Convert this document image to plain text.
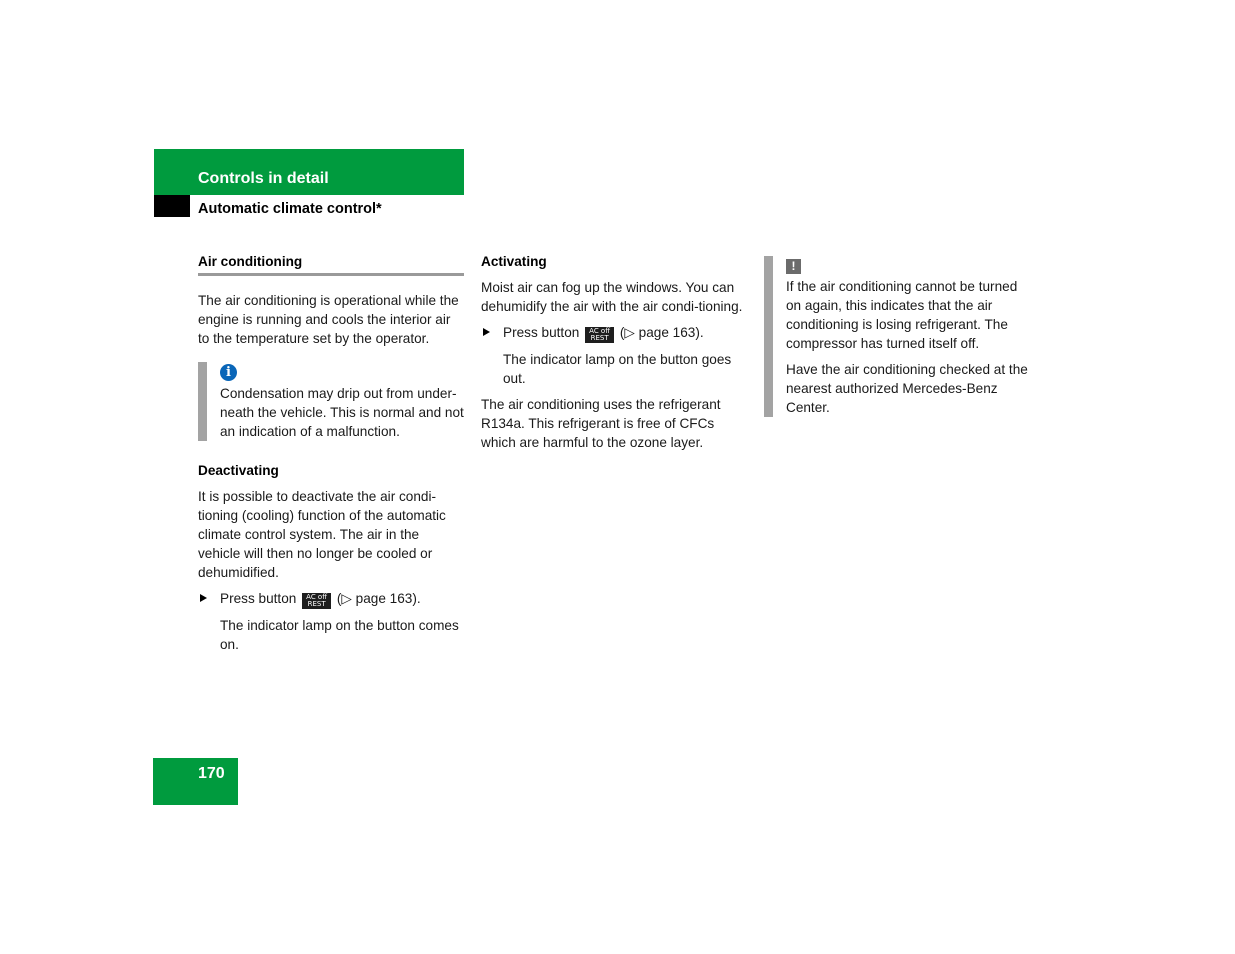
Controls in detail
Automatic climate control*
Air conditioning

The air conditioning is operational while the engine is running and cools the interior air to the temperature set by the operator.

i
Condensation may drip out from under-neath the vehicle. This is normal and not an indication of a malfunction.
Deactivating

It is possible to deactivate the air condi-tioning (cooling) function of the automatic climate control system. The air in the vehicle will then no longer be cooled or dehumidified.

Press button	AC off
REST (▷ page 163).

The indicator lamp on the button comes on.

Activating

Moist air can fog up the windows. You can dehumidify the air with the air condi-tioning.

Press button	AC off
REST (▷ page 163).

The indicator lamp on the button goes out.

The air conditioning uses the refrigerant R134a. This refrigerant is free of CFCs which are harmful to the ozone layer.

!

If the air conditioning cannot be turned on again, this indicates that the air conditioning is losing refrigerant. The compressor has turned itself off.

Have the air conditioning checked at the nearest authorized Mercedes-Benz Center.

170
